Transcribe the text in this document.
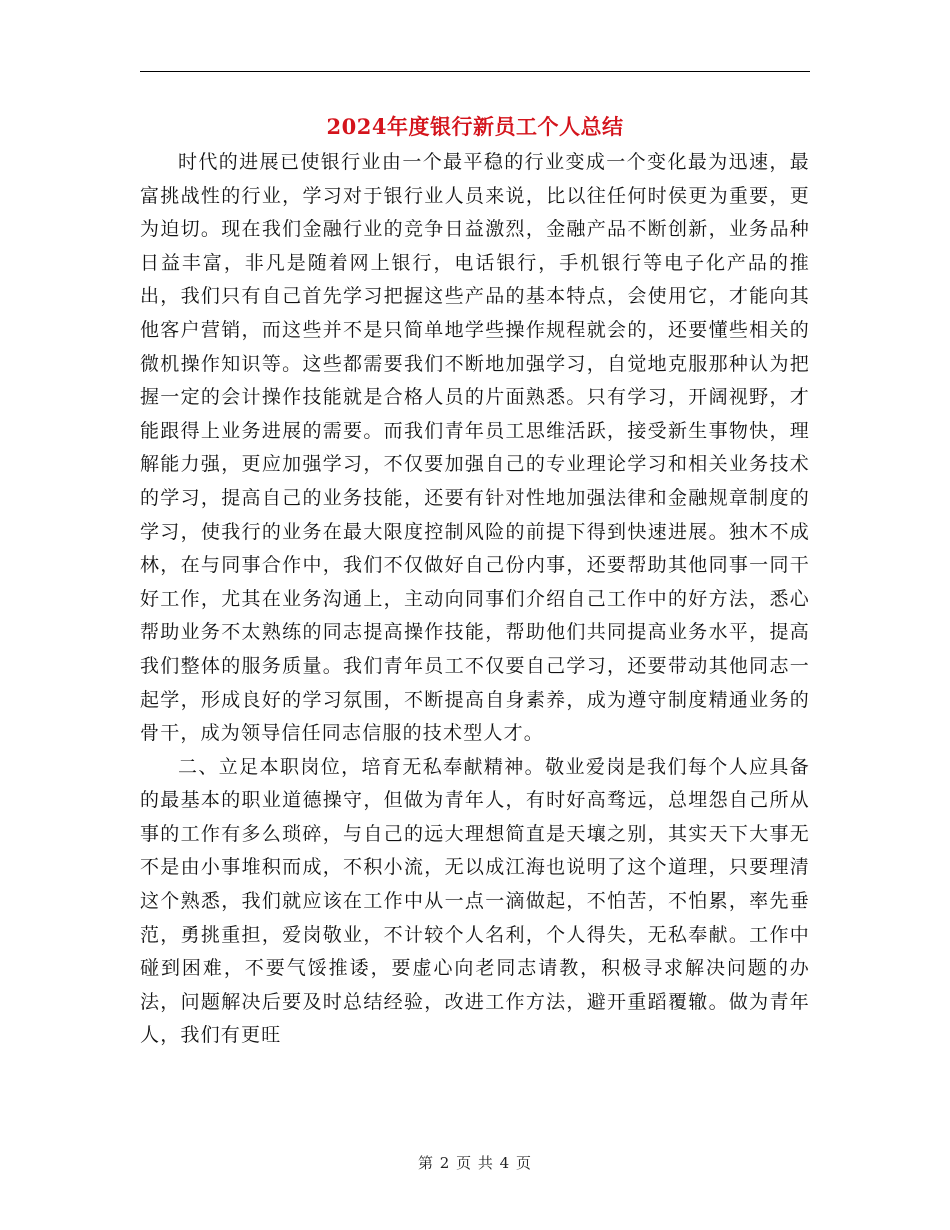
2024年度银行新员工个人总结

时代的进展已使银行业由一个最平稳的行业变成一个变化最为迅速，最富挑战性的行业，学习对于银行业人员来说，比以往任何时侯更为重要，更为迫切。现在我们金融行业的竞争日益激烈，金融产品不断创新，业务品种日益丰富，非凡是随着网上银行，电话银行，手机银行等电子化产品的推出，我们只有自己首先学习把握这些产品的基本特点，会使用它，才能向其他客户营销，而这些并不是只简单地学些操作规程就会的，还要懂些相关的微机操作知识等。这些都需要我们不断地加强学习，自觉地克服那种认为把握一定的会计操作技能就是合格人员的片面熟悉。只有学习，开阔视野，才能跟得上业务进展的需要。而我们青年员工思维活跃，接受新生事物快，理解能力强，更应加强学习，不仅要加强自己的专业理论学习和相关业务技术的学习，提高自己的业务技能，还要有针对性地加强法律和金融规章制度的学习，使我行的业务在最大限度控制风险的前提下得到快速进展。独木不成林，在与同事合作中，我们不仅做好自己份内事，还要帮助其他同事一同干好工作，尤其在业务沟通上，主动向同事们介绍自己工作中的好方法，悉心帮助业务不太熟练的同志提高操作技能，帮助他们共同提高业务水平，提高我们整体的服务质量。我们青年员工不仅要自己学习，还要带动其他同志一起学，形成良好的学习氛围，不断提高自身素养，成为遵守制度精通业务的骨干，成为领导信任同志信服的技术型人才。

二、立足本职岗位，培育无私奉献精神。敬业爱岗是我们每个人应具备的最基本的职业道德操守，但做为青年人，有时好高骛远，总埋怨自己所从事的工作有多么琐碎，与自己的远大理想简直是天壤之别，其实天下大事无不是由小事堆积而成，不积小流，无以成江海也说明了这个道理，只要理清这个熟悉，我们就应该在工作中从一点一滴做起，不怕苦，不怕累，率先垂范，勇挑重担，爱岗敬业，不计较个人名利，个人得失，无私奉献。工作中碰到困难，不要气馁推诿，要虚心向老同志请教，积极寻求解决问题的办法，问题解决后要及时总结经验，改进工作方法，避开重蹈覆辙。做为青年人，我们有更旺

第 2 页 共 4 页
